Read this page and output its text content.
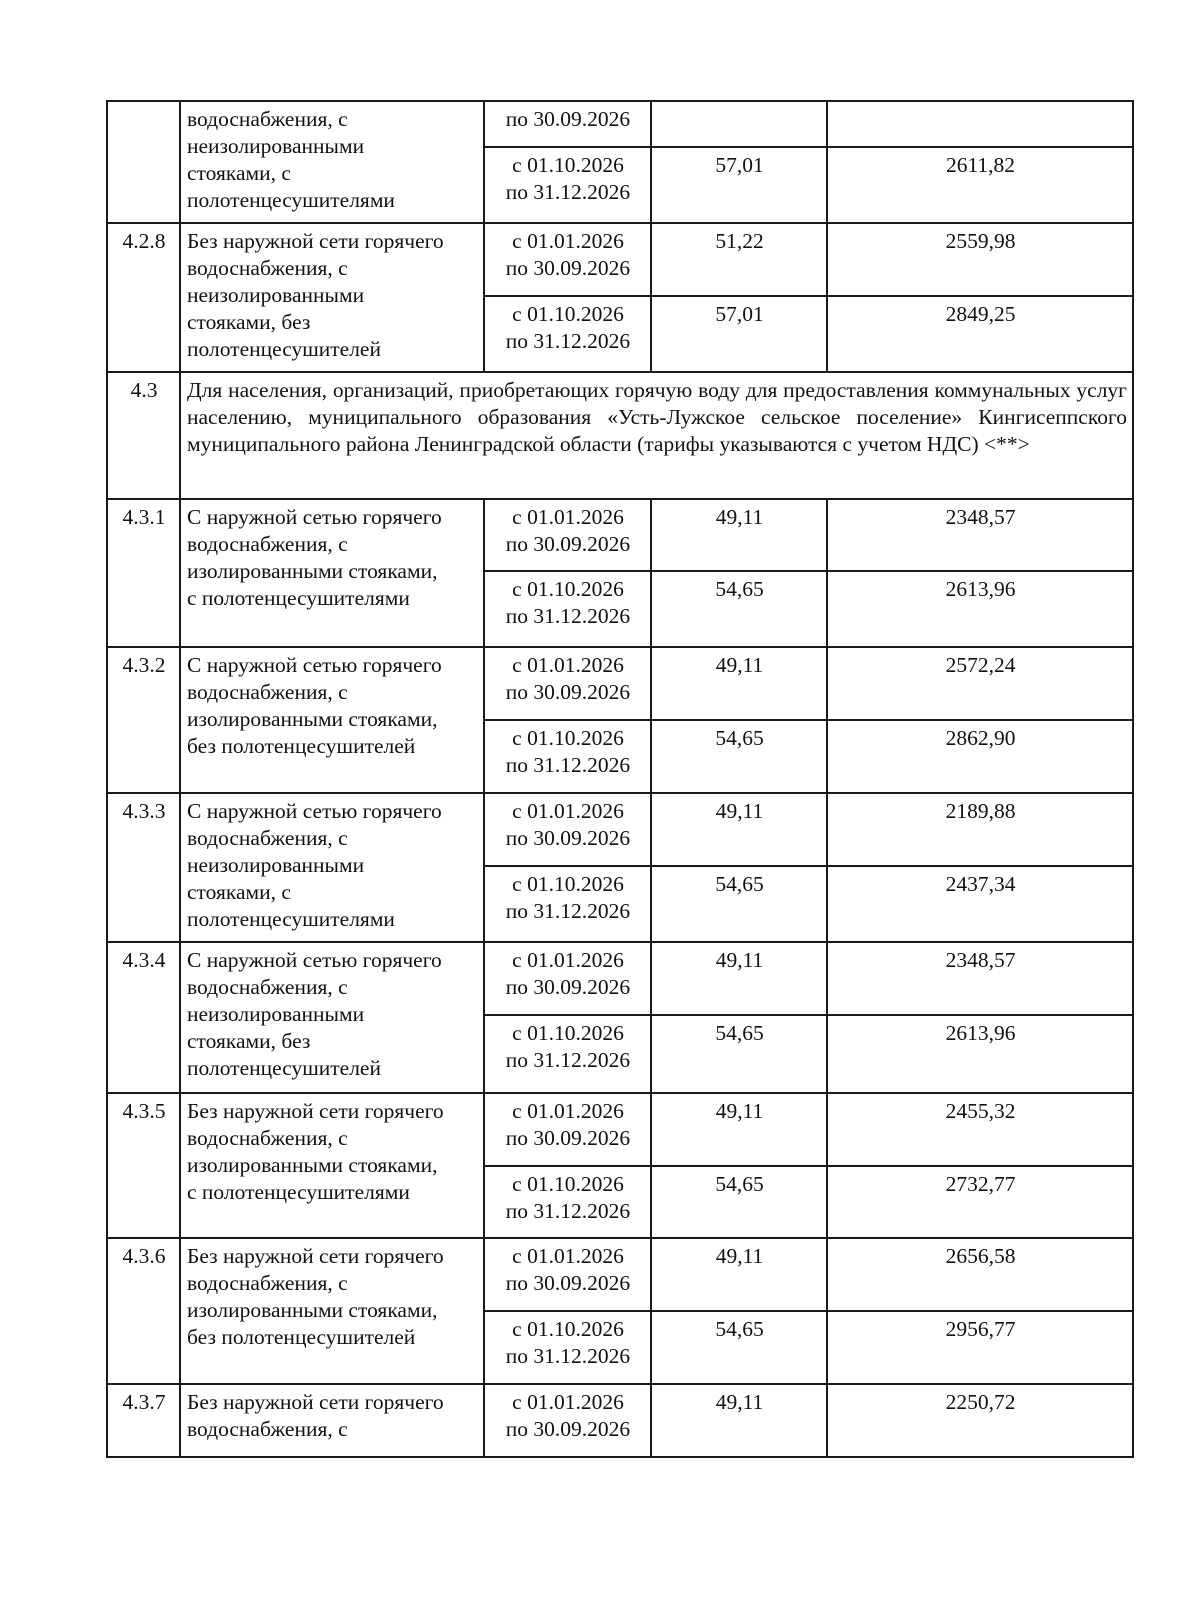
	водоснабжения, с
неизолированными
стояками, с
полотенцесушителями	по 30.09.2026		

		с 01.10.2026
по 31.12.2026	57,01	2611,82
4.2.8	Без наружной сети горячего
водоснабжения, с
неизолированными
стояками, без
полотенцесушителей	с 01.01.2026
по 30.09.2026	51,22	2559,98

		с 01.10.2026
по 31.12.2026	57,01	2849,25
4.3	Для населения, организаций, приобретающих горячую воду для предоставления коммунальных услуг населению, муниципального образования «Усть-Лужское сельское поселение» Кингисеппского муниципального района Ленинградской области (тарифы указываются с учетом НДС) <**>			
4.3.1	С наружной сетью горячего
водоснабжения, с
изолированными стояками,
с полотенцесушителями	с 01.01.2026
по 30.09.2026	49,11	2348,57

		с 01.10.2026
по 31.12.2026	54,65	2613,96
4.3.2	С наружной сетью горячего
водоснабжения, с
изолированными стояками,
без полотенцесушителей	с 01.01.2026
по 30.09.2026	49,11	2572,24

		с 01.10.2026
по 31.12.2026	54,65	2862,90
4.3.3	С наружной сетью горячего
водоснабжения, с
неизолированными
стояками, с
полотенцесушителями	с 01.01.2026
по 30.09.2026	49,11	2189,88

		с 01.10.2026
по 31.12.2026	54,65	2437,34
4.3.4	С наружной сетью горячего
водоснабжения, с
неизолированными
стояками, без
полотенцесушителей	с 01.01.2026
по 30.09.2026	49,11	2348,57

		с 01.10.2026
по 31.12.2026	54,65	2613,96
4.3.5	Без наружной сети горячего
водоснабжения, с
изолированными стояками,
с полотенцесушителями	с 01.01.2026
по 30.09.2026	49,11	2455,32

		с 01.10.2026
по 31.12.2026	54,65	2732,77
4.3.6	Без наружной сети горячего
водоснабжения, с
изолированными стояками,
без полотенцесушителей	с 01.01.2026
по 30.09.2026	49,11	2656,58

		с 01.10.2026
по 31.12.2026	54,65	2956,77
4.3.7	Без наружной сети горячего
водоснабжения, с	с 01.01.2026
по 30.09.2026	49,11	2250,72
